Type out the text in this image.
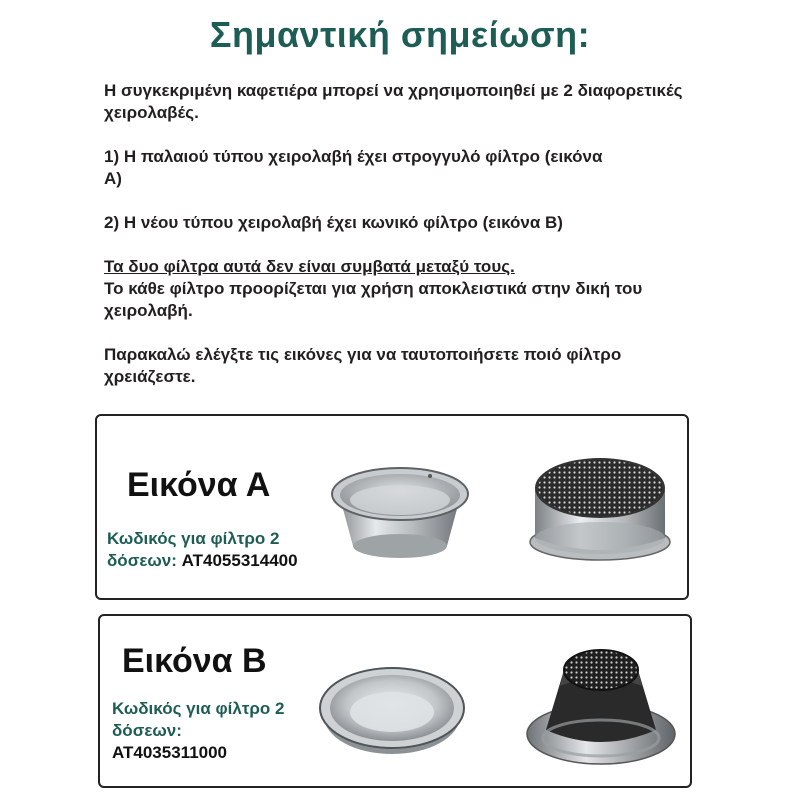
Σημαντική σημείωση:

Η συγκεκριμένη καφετιέρα μπορεί να χρησιμοποιηθεί με 2 διαφορετικές χειρολαβές.

1) Η παλαιού τύπου χειρολαβή έχει στρογγυλό φίλτρο (εικόνα Α)

2) Η νέου τύπου χειρολαβή έχει κωνικό φίλτρο (εικόνα Β)

Τα δυο φίλτρα αυτά δεν είναι συμβατά μεταξύ τους.
Το κάθε φίλτρο προορίζεται για χρήση αποκλειστικά στην δική του χειρολαβή.

Παρακαλώ ελέγξτε τις εικόνες για να ταυτοποιήσετε ποιό φίλτρο χρειάζεστε.

Εικόνα Α
Κωδικός για φίλτρο 2 δόσεων: AT4055314400
Εικόνα Β
Κωδικός για φίλτρο 2 δόσεων:
AT4035311000
